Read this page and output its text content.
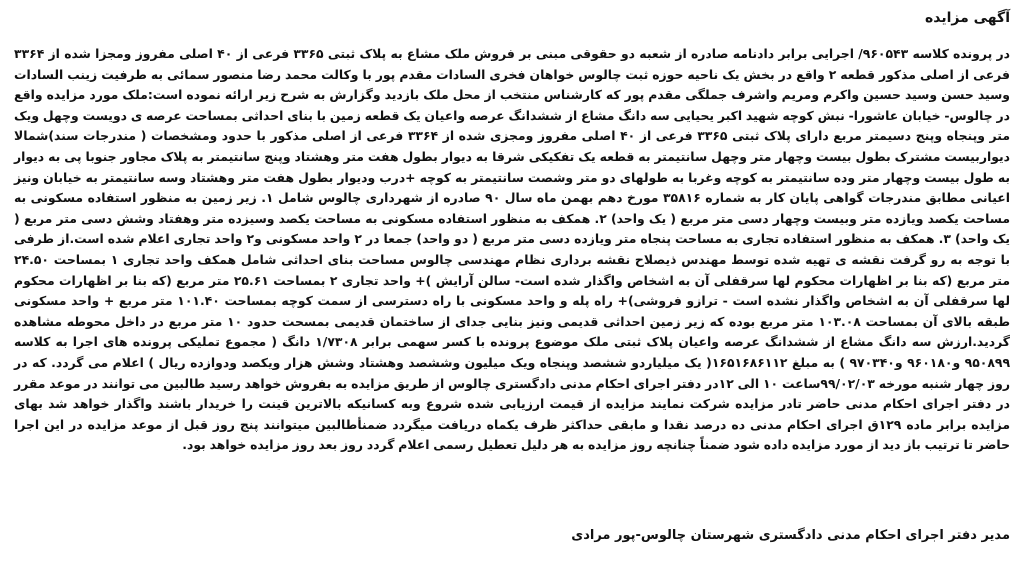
آگهی مزایده

در پرونده کلاسه ۹۶۰۵۴۳/ اجرایی برابر دادنامه صادره از شعبه دو حقوقی مبنی بر فروش ملک مشاع به پلاک ثبتی ۳۳۶۵ فرعی از ۴۰ اصلی مفروز ومجزا شده از ۳۳۶۴ فرعی از اصلی مذکور قطعه ۲ واقع در بخش یک ناحیه حوزه ثبت چالوس خواهان فخری السادات مقدم پور با وکالت محمد رضا منصور سمائی به طرفیت زینب السادات وسید حسن وسید حسین واکرم ومریم واشرف جملگی مقدم پور که کارشناس منتخب از محل ملک بازدید وگزارش به شرح زیر ارائه نموده است:ملک مورد مزایده واقع در چالوس- خیابان عاشورا- نبش کوچه شهید اکبر یحیایی سه دانگ مشاع از ششدانگ عرصه واعیان یک قطعه زمین با بنای احداثی بمساحت عرصه ی دویست وچهل ویک متر وپنجاه وپنج دسیمتر مربع دارای پلاک ثبتی ۳۳۶۵ فرعی از ۴۰ اصلی مفروز ومجزی شده از ۳۳۶۴ فرعی از اصلی مذکور با حدود ومشخصات ( مندرجات سند)شمالا دیواربیست مشترک بطول بیست وچهار متر وچهل سانتیمتر به قطعه یک تفکیکی شرقا به دیوار بطول هفت متر وهشتاد وپنج سانتیمتر به پلاک مجاور جنوبا پی به دیوار به طول بیست وچهار متر وده سانتیمتر به کوچه وغربا به طولهای دو متر وشصت سانتیمتر به کوچه +درب ودیوار بطول هفت متر وهشتاد وسه سانتیمتر به خیابان ونیز اعیانی مطابق مندرجات گواهی پایان کار به شماره ۳۵۸۱۶ مورخ دهم بهمن ماه سال ۹۰ صادره از شهرداری چالوس شامل ۱. زیر زمین به منظور استفاده مسکونی به مساحت یکصد ویازده متر وبیست وچهار دسی متر مربع ( یک واحد) ۲. همکف به منظور استفاده مسکونی به مساحت یکصد وسیزده متر وهفتاد وشش دسی متر مربع ( یک واحد) ۳. همکف به منظور استفاده تجاری به مساحت پنجاه متر ویازده دسی متر مربع ( دو واحد) جمعا در ۲ واحد مسکونی و۲ واحد تجاری اعلام شده است.از طرفی با توجه به رو گرفت نقشه ی تهیه شده توسط مهندس ذیصلاح نقشه برداری نظام مهندسی چالوس مساحت بنای احداثی شامل همکف واحد تجاری ۱ بمساحت ۲۴.۵۰ متر مربع (که بنا بر اظهارات محکوم لها سرقفلی آن به اشخاص واگذار شده است- سالن آرایش )+ واحد تجاری ۲ بمساحت ۲۵.۶۱ متر مربع (که بنا بر اظهارات محکوم لها سرقفلی آن به اشخاص واگذار نشده است - ترازو فروشی)+ راه پله و واحد مسکونی با راه دسترسی از سمت کوچه بمساحت ۱۰۱.۴۰ متر مربع + واحد مسکونی طبقه بالای آن بمساحت ۱۰۳.۰۸ متر مربع بوده که زیر زمین احداثی قدیمی ونیز بنایی جدای از ساختمان قدیمی بمسحت حدود ۱۰ متر مربع در داخل محوطه مشاهده گردید.ارزش سه دانگ مشاع از ششدانگ عرصه واعیان پلاک ثبتی ملک موضوع پرونده با کسر سهمی برابر ۱/۷۳۰۸ دانگ ( مجموع تملیکی پرونده های اجرا به کلاسه ۹۵۰۸۹۹ و۹۶۰۱۸۰ و۹۷۰۳۴۰ ) به مبلغ ۱۶۵۱۶۸۶۱۱۲( یک میلیاردو ششصد وپنجاه ویک میلیون وششصد وهشتاد وشش هزار ویکصد ودوازده ریال ) اعلام می گردد. که در روز چهار شنبه مورخه ۹۹/۰۲/۰۳ساعت ۱۰ الی ۱۲در دفتر اجرای احکام مدنی دادگستری چالوس از طریق مزایده به بفروش خواهد رسید طالبین می توانند در موعد مقرر در دفتر اجرای احکام مدنی حاضر تادر مزایده شرکت نمایند مزایده از قیمت ارزیابی شده شروع وبه کسانیکه بالاترین قینت را خریدار باشند واگذار خواهد شد بهای مزایده برابر ماده ۱۲۹ق اجرای احکام مدنی ده درصد نقدا و مابقی حداکثر ظرف یکماه دریافت میگردد ضمنأطالبین میتوانند پنج روز قبل از موعد مزایده در این اجرا حاضر تا ترتیب باز دید از مورد مزایده داده شود ضمناً چنانچه روز مزایده به هر دلیل تعطیل رسمی اعلام گردد روز بعد روز مزایده خواهد بود.

مدیر دفتر اجرای احکام مدنی دادگستری شهرستان چالوس-پور مرادی
